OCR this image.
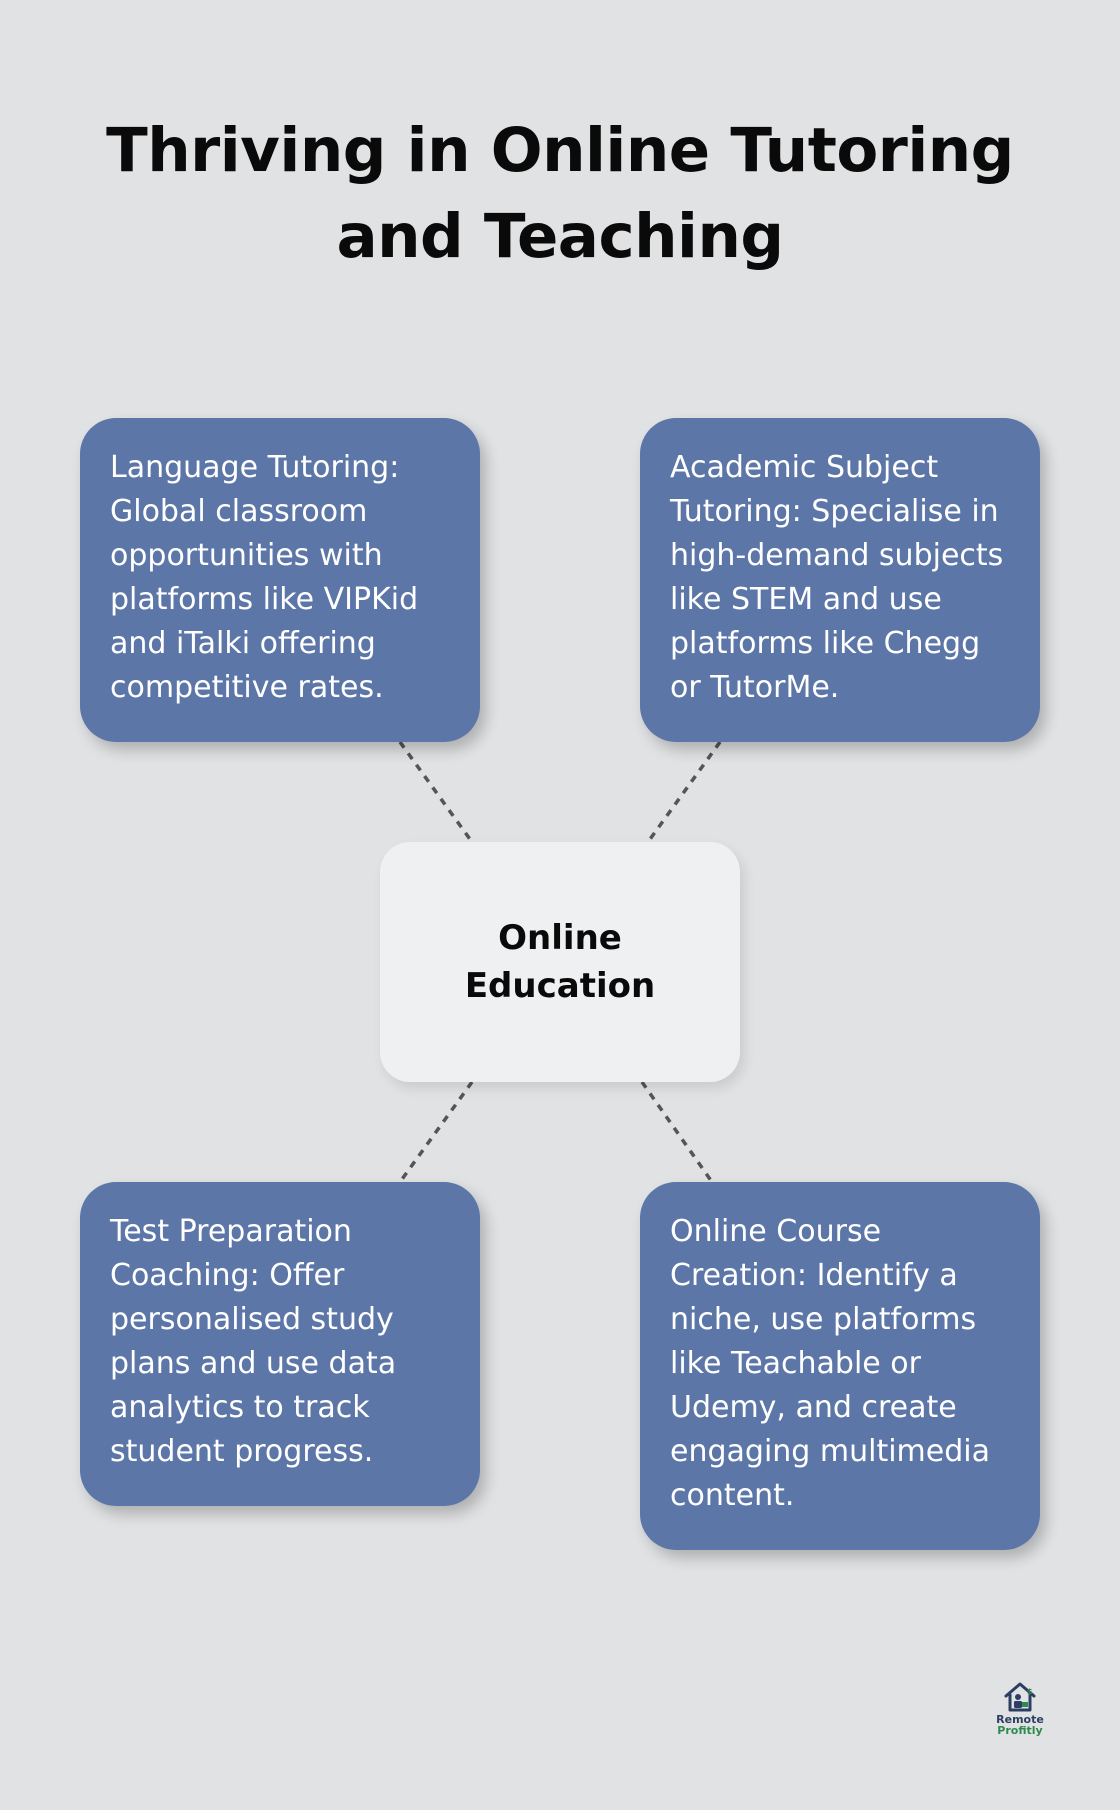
Thriving in Online Tutoring and Teaching

Language Tutoring: Global classroom opportunities with platforms like VIPKid and iTalki offering competitive rates.

Academic Subject Tutoring: Specialise in high-demand subjects like STEM and use platforms like Chegg or TutorMe.

Online Education

Test Preparation Coaching: Offer personalised study plans and use data analytics to track student progress.

Online Course Creation: Identify a niche, use platforms like Teachable or Udemy, and create engaging multimedia content.

$
Remote
Profitly
